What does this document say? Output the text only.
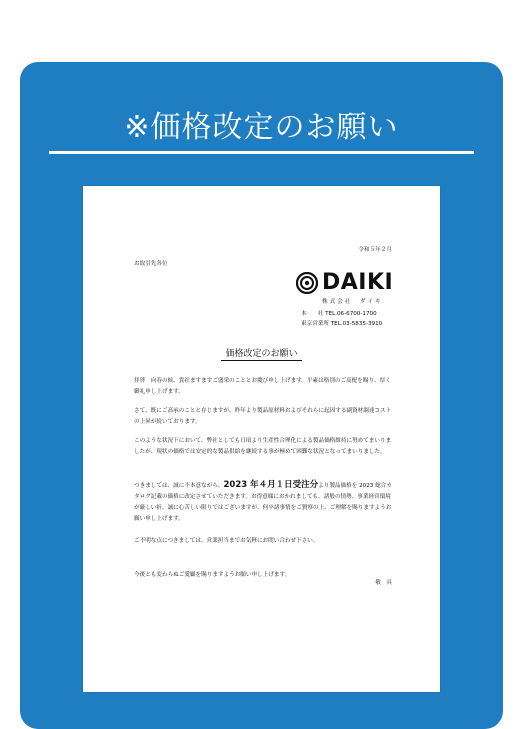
※価格改定のお願い
令和５年２月
お取引先各位
DAIKI
株式会社　ダイキ
本　　社 TEL.06-6700-1700
東京営業所 TEL.03-5835-3910
価格改定のお願い
拝啓　向春の候、貴社ますますご盛栄のこととお慶び申し上げます。平素は格別のご高配を賜り、厚く御礼申し上げます。
さて、既にご高承のことと存じますが、昨年より製品原材料およびそれらに起因する副資材調達コストの上昇が続いております。
このような状況下において、弊社としても日頃より生産性合理化による製品価格維持に努めてまいりましたが、現状の価格では安定的な製品供給を継続する事が極めて困難な状況となってまいりました。
つきましては、誠に不本意ながら、2023 年４月１日受注分より製品価格を 2023 総合カタログ記載の価格に改定させていただきます。お得意様におかれましても、諸般の情勢、事業経営環境が厳しい折、誠に心苦しい限りではございますが、何卒諸事情をご賢察の上、ご理解を賜りますようお願い申し上げます。
ご不明な点につきましては、営業担当までお気軽にお問い合わせ下さい。
今後とも変わらぬご愛顧を賜りますようお願い申し上げます。
敬　具
